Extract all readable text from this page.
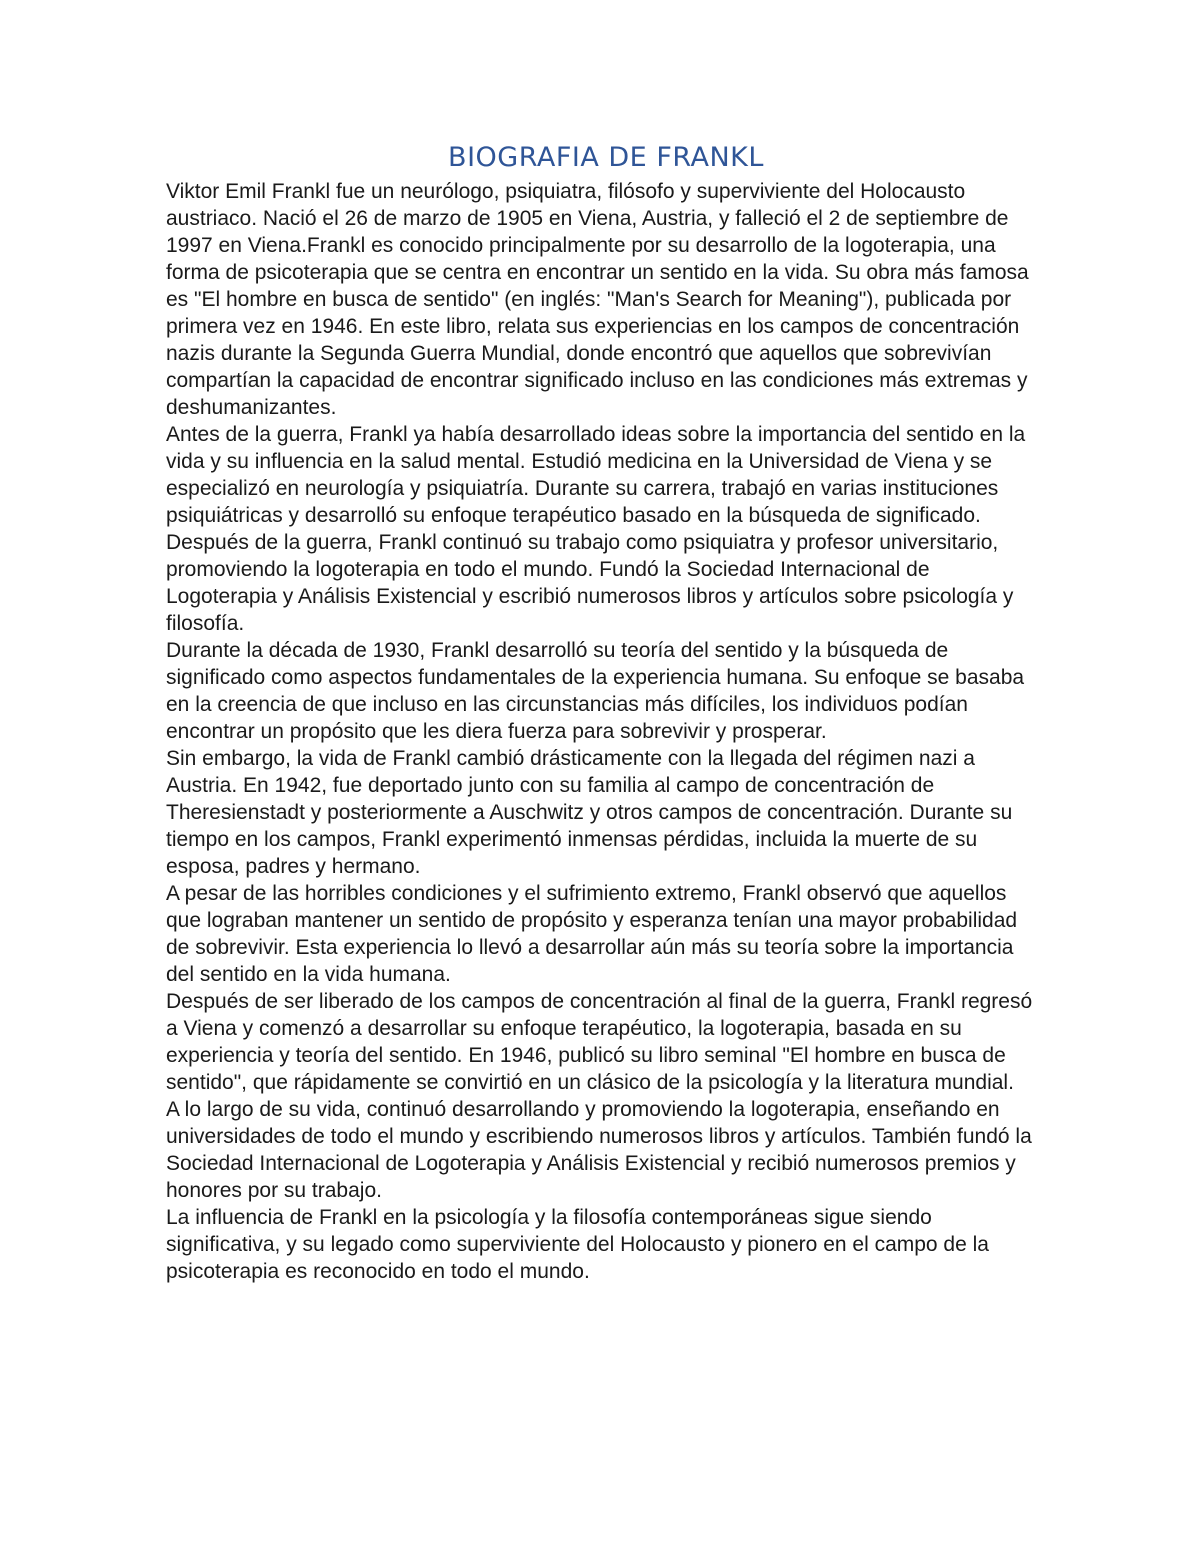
BIOGRAFIA DE FRANKL

Viktor Emil Frankl fue un neurólogo, psiquiatra, filósofo y superviviente del Holocausto austriaco. Nació el 26 de marzo de 1905 en Viena, Austria, y falleció el 2 de septiembre de 1997 en Viena.Frankl es conocido principalmente por su desarrollo de la logoterapia, una forma de psicoterapia que se centra en encontrar un sentido en la vida. Su obra más famosa es "El hombre en busca de sentido" (en inglés: "Man's Search for Meaning"), publicada por primera vez en 1946. En este libro, relata sus experiencias en los campos de concentración nazis durante la Segunda Guerra Mundial, donde encontró que aquellos que sobrevivían compartían la capacidad de encontrar significado incluso en las condiciones más extremas y deshumanizantes.

Antes de la guerra, Frankl ya había desarrollado ideas sobre la importancia del sentido en la vida y su influencia en la salud mental. Estudió medicina en la Universidad de Viena y se especializó en neurología y psiquiatría. Durante su carrera, trabajó en varias instituciones psiquiátricas y desarrolló su enfoque terapéutico basado en la búsqueda de significado.

Después de la guerra, Frankl continuó su trabajo como psiquiatra y profesor universitario, promoviendo la logoterapia en todo el mundo. Fundó la Sociedad Internacional de Logoterapia y Análisis Existencial y escribió numerosos libros y artículos sobre psicología y filosofía.

Durante la década de 1930, Frankl desarrolló su teoría del sentido y la búsqueda de significado como aspectos fundamentales de la experiencia humana. Su enfoque se basaba en la creencia de que incluso en las circunstancias más difíciles, los individuos podían encontrar un propósito que les diera fuerza para sobrevivir y prosperar.

Sin embargo, la vida de Frankl cambió drásticamente con la llegada del régimen nazi a Austria. En 1942, fue deportado junto con su familia al campo de concentración de Theresienstadt y posteriormente a Auschwitz y otros campos de concentración. Durante su tiempo en los campos, Frankl experimentó inmensas pérdidas, incluida la muerte de su esposa, padres y hermano.

A pesar de las horribles condiciones y el sufrimiento extremo, Frankl observó que aquellos que lograban mantener un sentido de propósito y esperanza tenían una mayor probabilidad de sobrevivir. Esta experiencia lo llevó a desarrollar aún más su teoría sobre la importancia del sentido en la vida humana.

Después de ser liberado de los campos de concentración al final de la guerra, Frankl regresó a Viena y comenzó a desarrollar su enfoque terapéutico, la logoterapia, basada en su experiencia y teoría del sentido. En 1946, publicó su libro seminal "El hombre en busca de sentido", que rápidamente se convirtió en un clásico de la psicología y la literatura mundial.

A lo largo de su vida, continuó desarrollando y promoviendo la logoterapia, enseñando en universidades de todo el mundo y escribiendo numerosos libros y artículos. También fundó la Sociedad Internacional de Logoterapia y Análisis Existencial y recibió numerosos premios y honores por su trabajo.

La influencia de Frankl en la psicología y la filosofía contemporáneas sigue siendo significativa, y su legado como superviviente del Holocausto y pionero en el campo de la psicoterapia es reconocido en todo el mundo.
